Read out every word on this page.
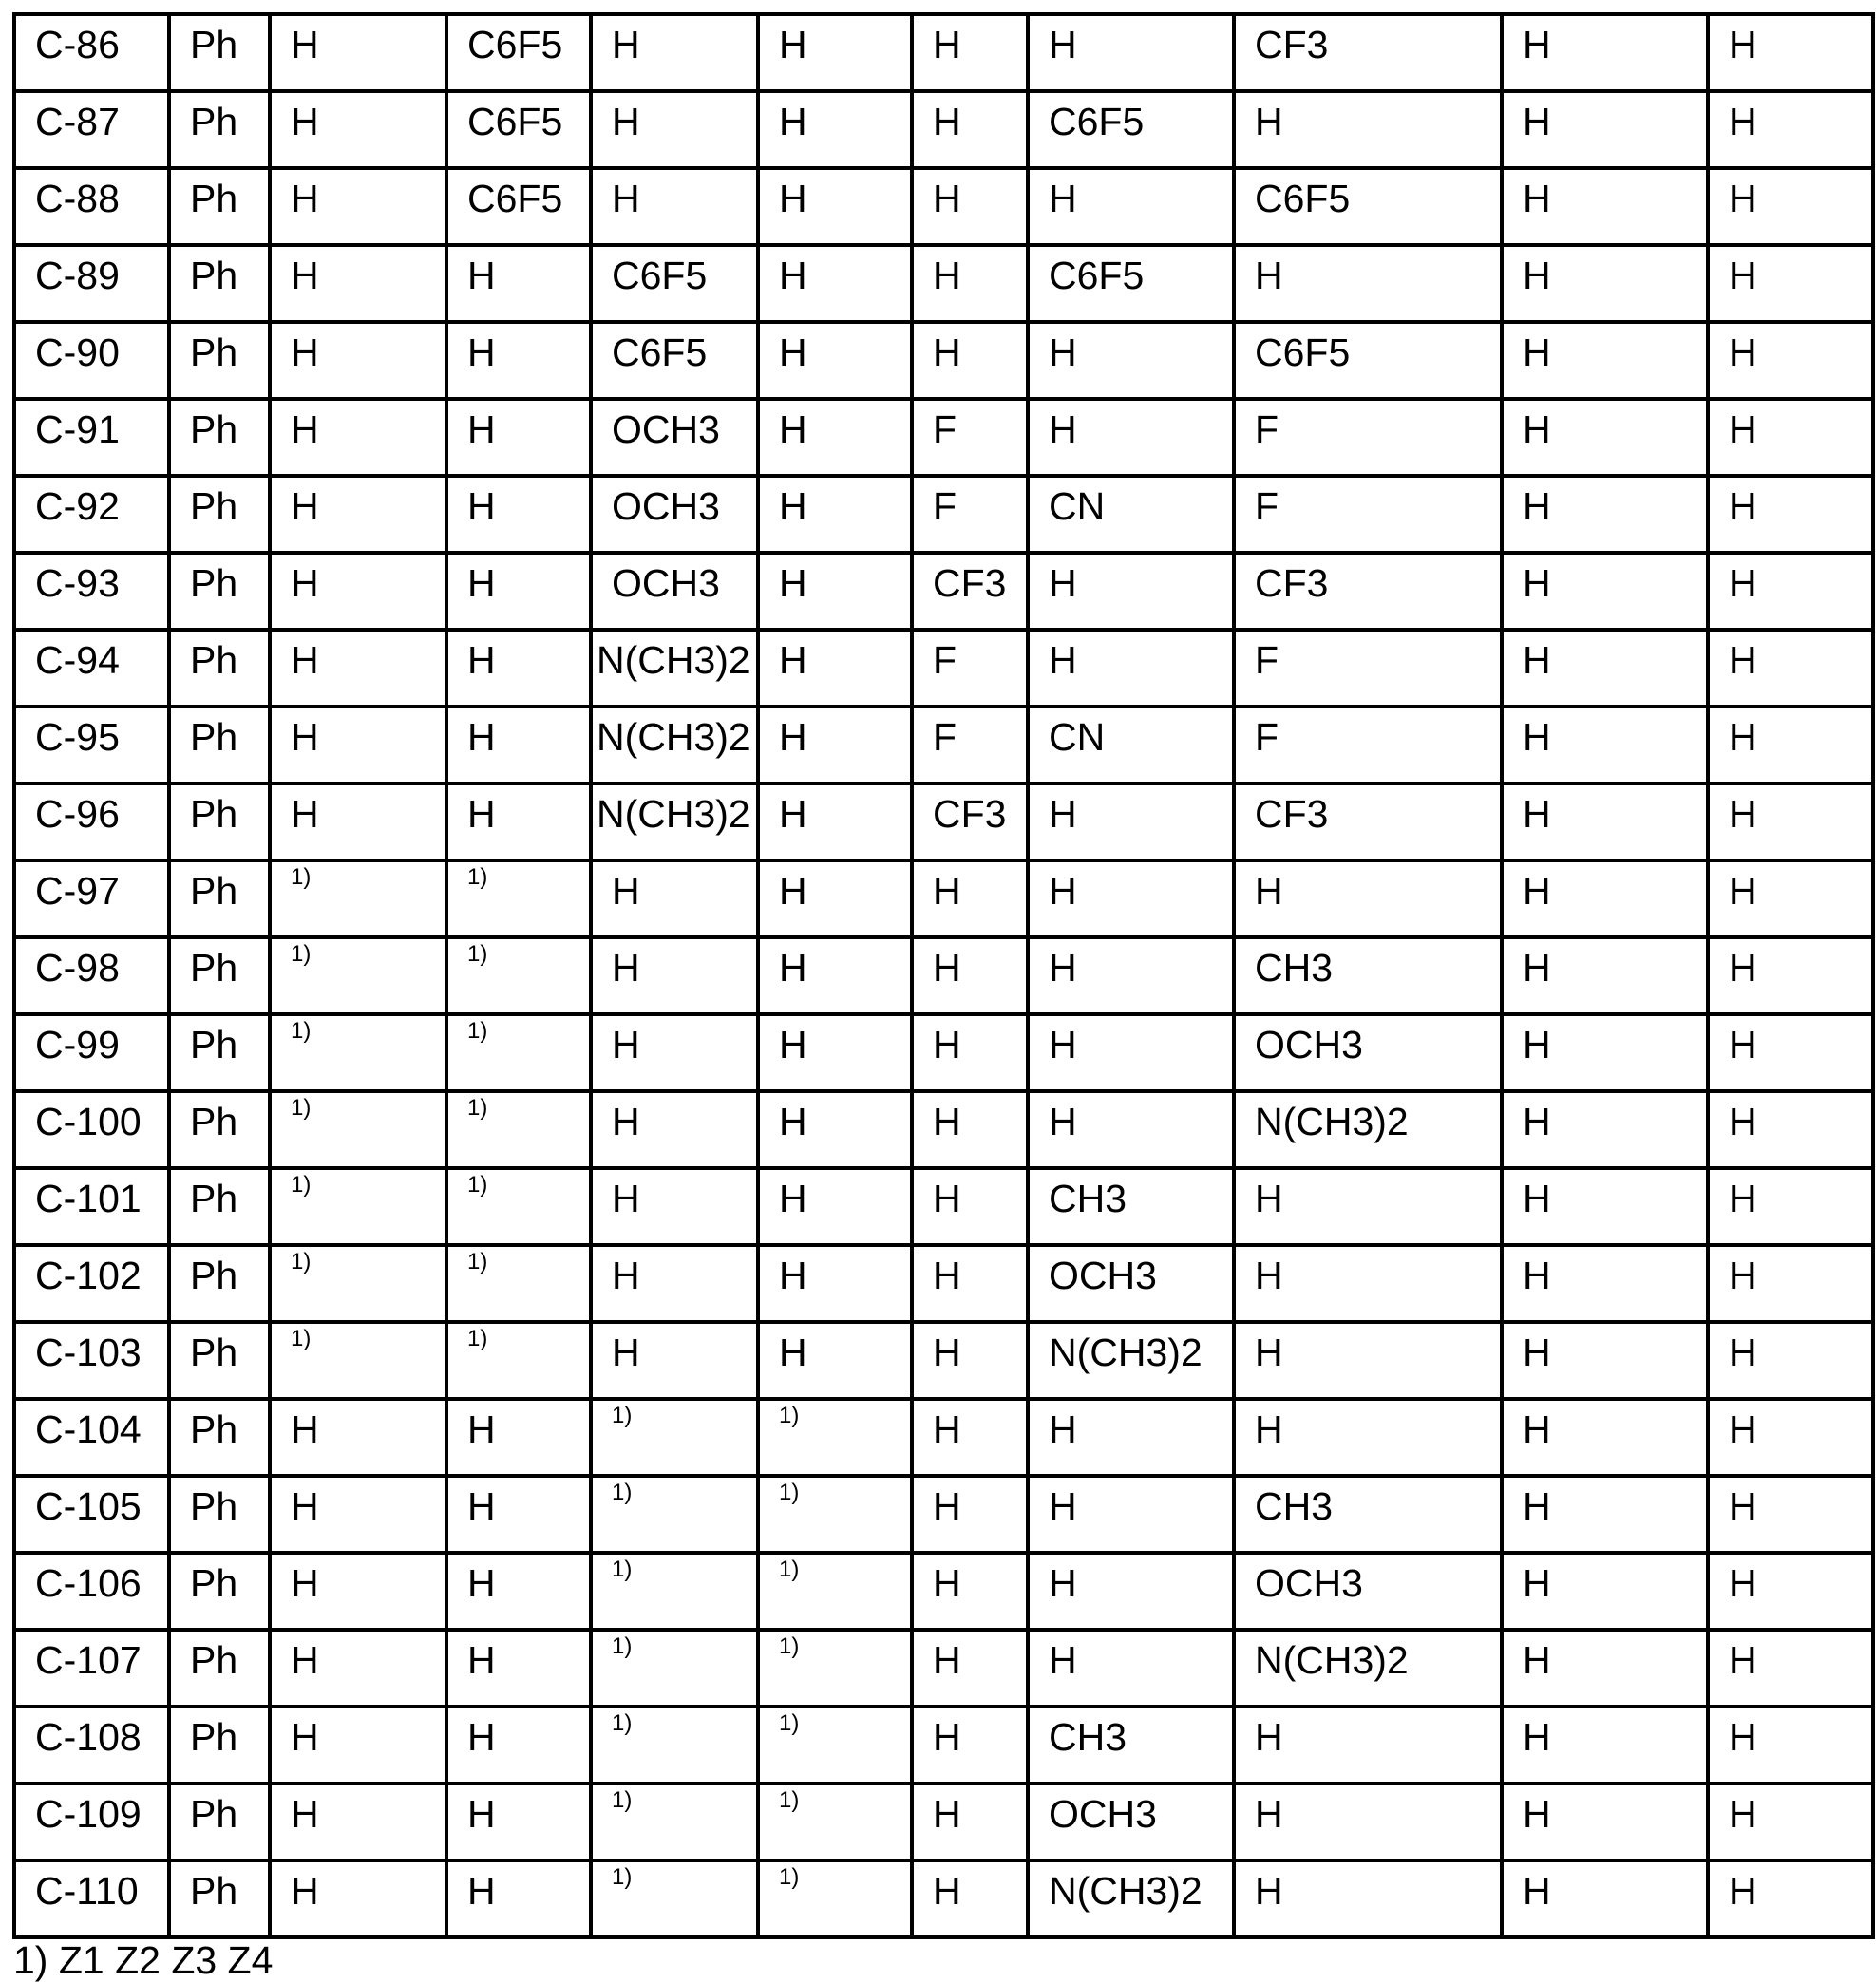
C-86	Ph	H	C6F5	H	H	H	H	CF3	H	H
C-87	Ph	H	C6F5	H	H	H	C6F5	H	H	H
C-88	Ph	H	C6F5	H	H	H	H	C6F5	H	H
C-89	Ph	H	H	C6F5	H	H	C6F5	H	H	H
C-90	Ph	H	H	C6F5	H	H	H	C6F5	H	H
C-91	Ph	H	H	OCH3	H	F	H	F	H	H
C-92	Ph	H	H	OCH3	H	F	CN	F	H	H
C-93	Ph	H	H	OCH3	H	CF3	H	CF3	H	H
C-94	Ph	H	H	N(CH3)2	H	F	H	F	H	H
C-95	Ph	H	H	N(CH3)2	H	F	CN	F	H	H
C-96	Ph	H	H	N(CH3)2	H	CF3	H	CF3	H	H
C-97	Ph	1)	1)	H	H	H	H	H	H	H
C-98	Ph	1)	1)	H	H	H	H	CH3	H	H
C-99	Ph	1)	1)	H	H	H	H	OCH3	H	H
C-100	Ph	1)	1)	H	H	H	H	N(CH3)2	H	H
C-101	Ph	1)	1)	H	H	H	CH3	H	H	H
C-102	Ph	1)	1)	H	H	H	OCH3	H	H	H
C-103	Ph	1)	1)	H	H	H	N(CH3)2	H	H	H
C-104	Ph	H	H	1)	1)	H	H	H	H	H
C-105	Ph	H	H	1)	1)	H	H	CH3	H	H
C-106	Ph	H	H	1)	1)	H	H	OCH3	H	H
C-107	Ph	H	H	1)	1)	H	H	N(CH3)2	H	H
C-108	Ph	H	H	1)	1)	H	CH3	H	H	H
C-109	Ph	H	H	1)	1)	H	OCH3	H	H	H
C-110	Ph	H	H	1)	1)	H	N(CH3)2	H	H	H
1) Z1 Z2 Z3 Z4
